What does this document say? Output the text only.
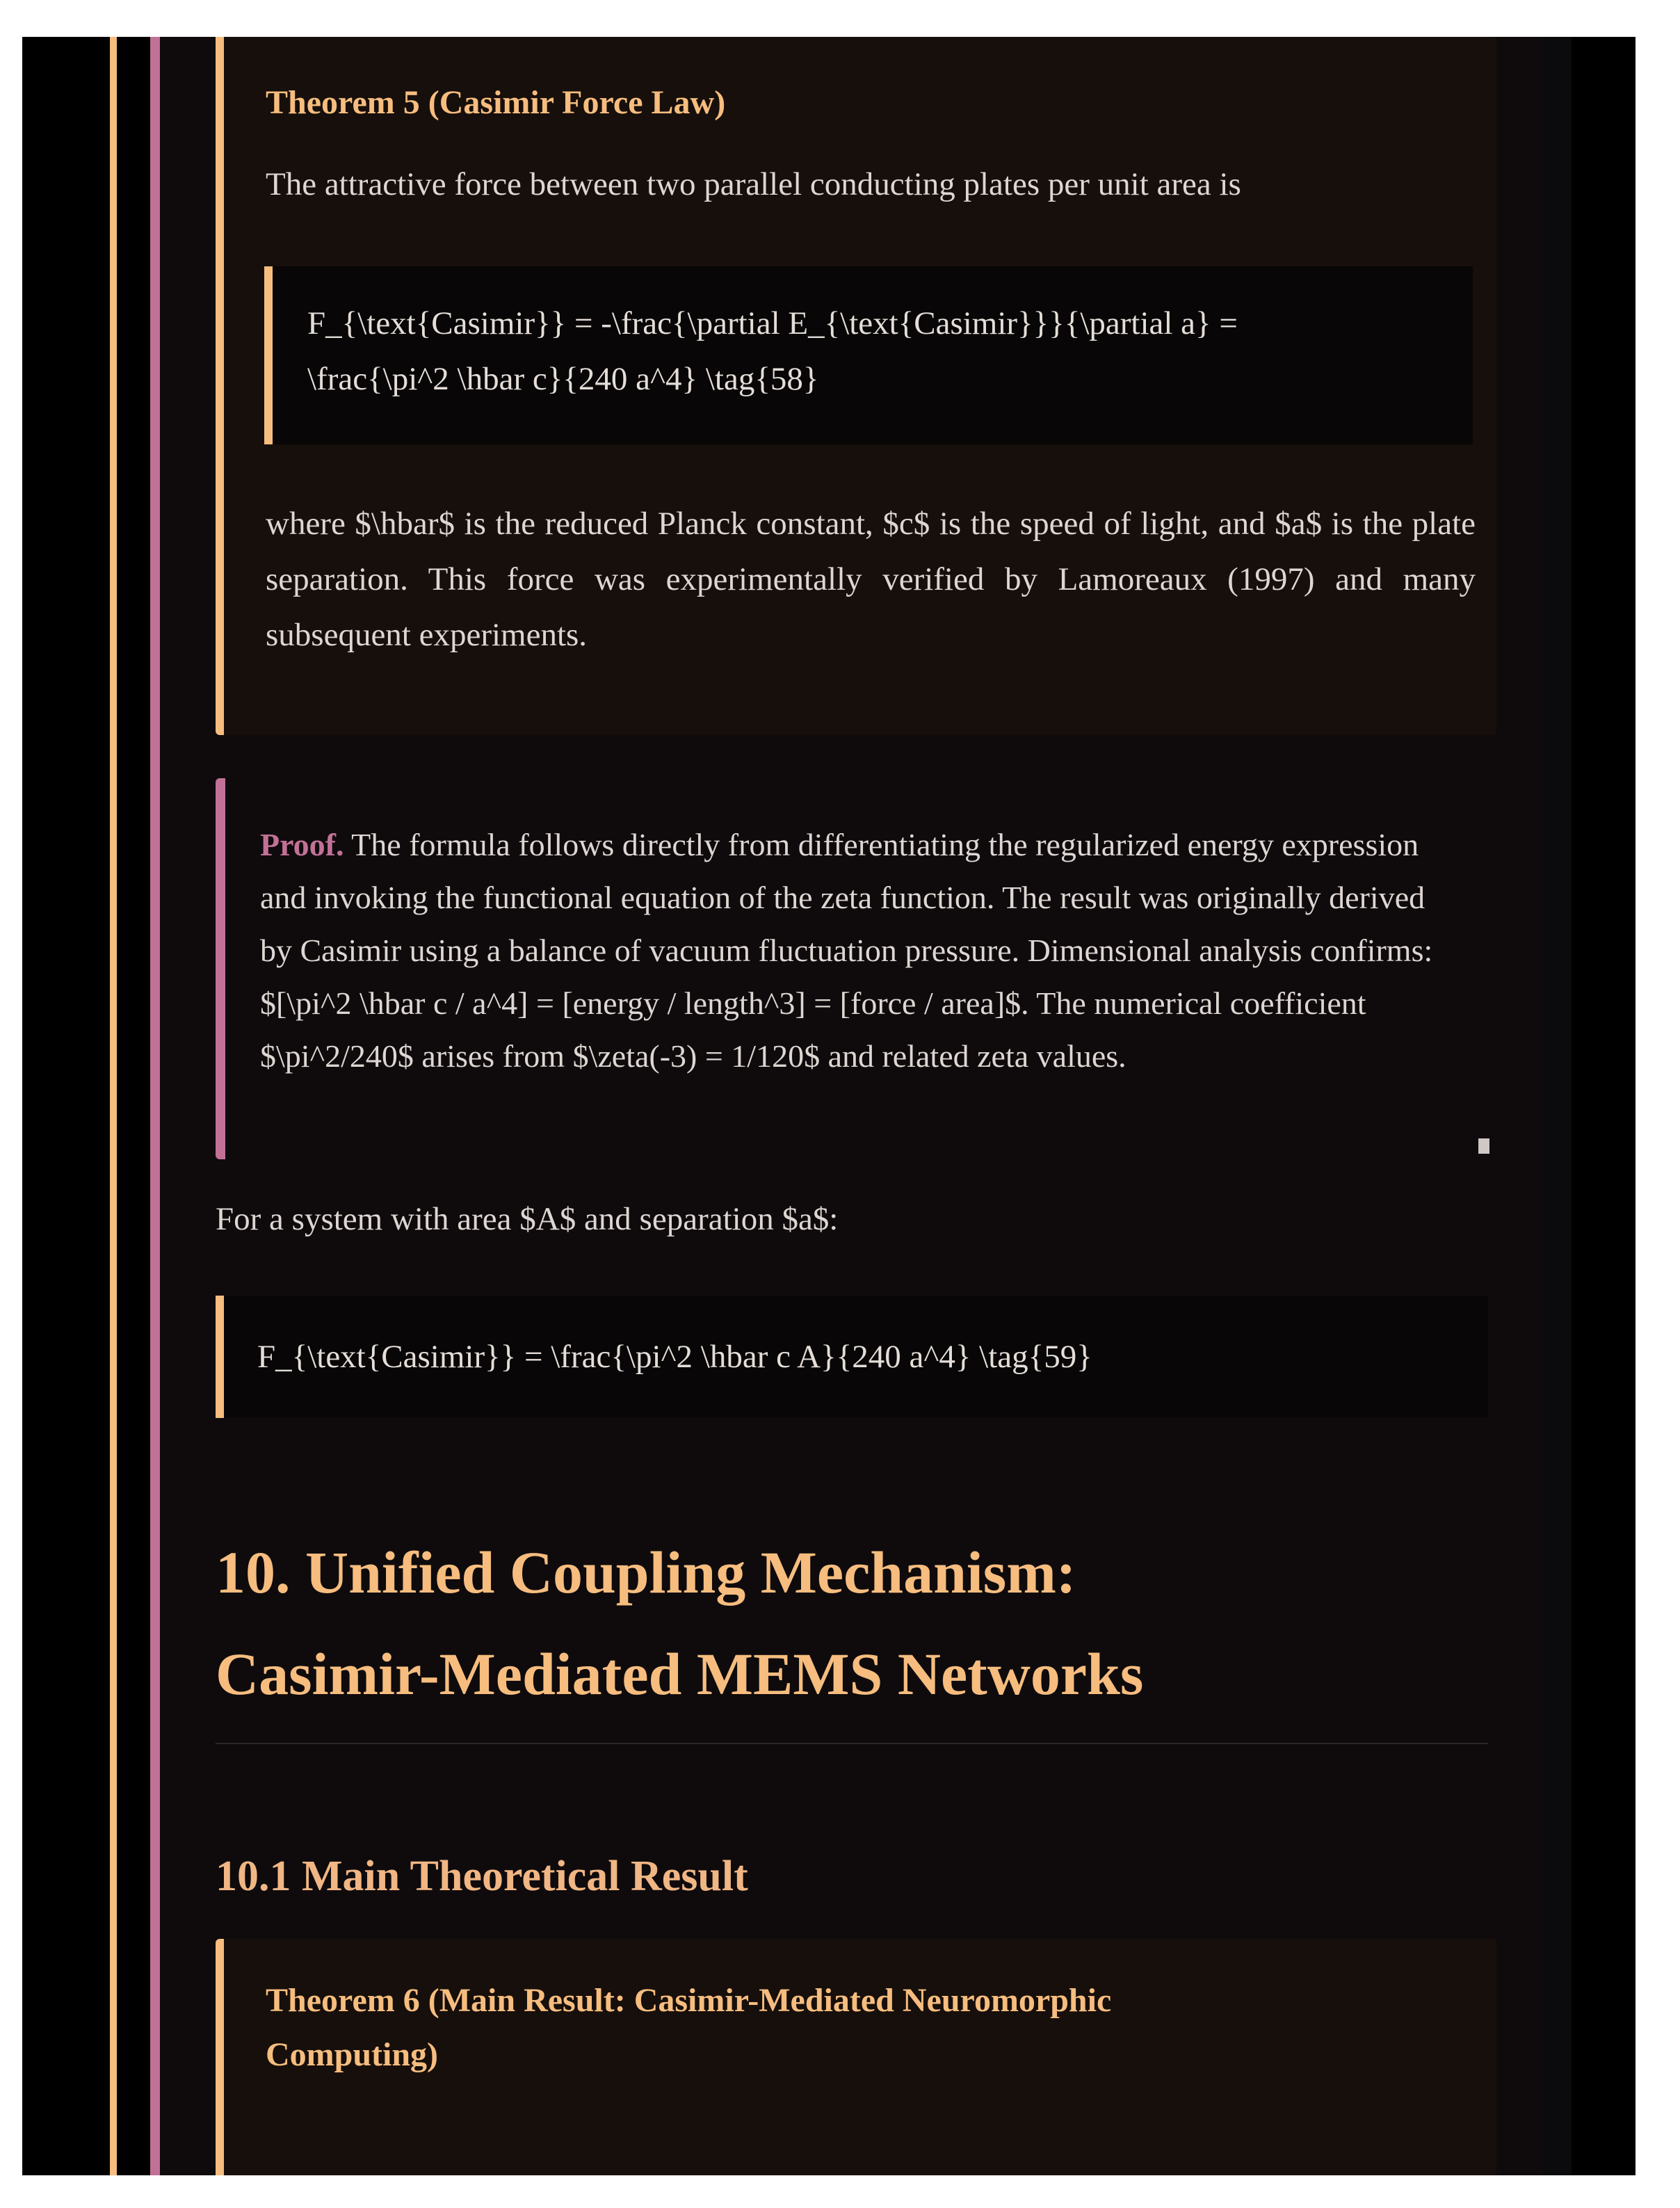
Theorem 5 (Casimir Force Law)

The attractive force between two parallel conducting plates per unit area is

F_{\text{Casimir}} = -\frac{\partial E_{\text{Casimir}}}{\partial a} =
\frac{\pi^2 \hbar c}{240 a^4} \tag{58}

where $\hbar$ is the reduced Planck constant, $c$ is the speed of light, and $a$ is the plate separation. This force was experimentally verified by Lamoreaux (1997) and many subsequent experiments.

Proof. The formula follows directly from differentiating the regularized energy expression and invoking the functional equation of the zeta function. The result was originally derived by Casimir using a balance of vacuum fluctuation pressure. Dimensional analysis confirms: $[\pi^2 \hbar c / a^4] = [energy / length^3] = [force / area]$. The numerical coefficient $\pi^2/240$ arises from $\zeta(-3) = 1/120$ and related zeta values.

For a system with area $A$ and separation $a$:

F_{\text{Casimir}} = \frac{\pi^2 \hbar c A}{240 a^4} \tag{59}
10. Unified Coupling Mechanism:
Casimir-Mediated MEMS Networks
10.1 Main Theoretical Result

Theorem 6 (Main Result: Casimir-Mediated Neuromorphic
Computing)
